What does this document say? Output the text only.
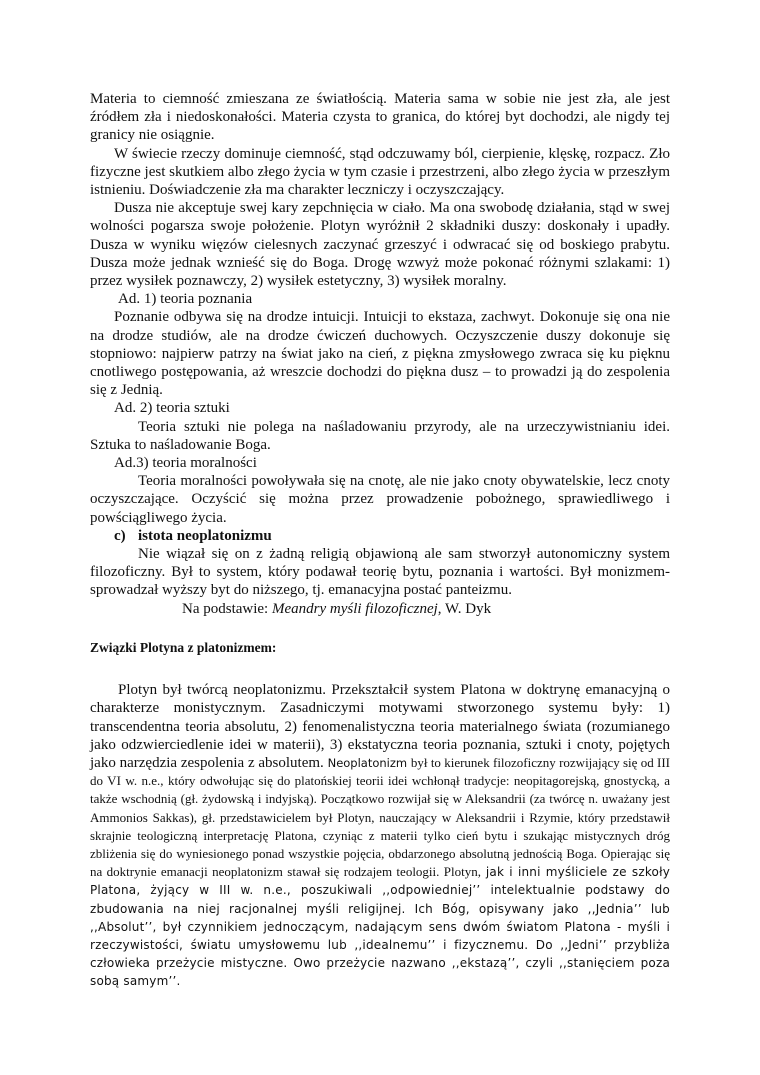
Materia to ciemność zmieszana ze światłością. Materia sama w sobie nie jest zła, ale jest źródłem zła i niedoskonałości. Materia czysta to granica, do której byt dochodzi, ale nigdy tej granicy nie osiągnie.

W świecie rzeczy dominuje ciemność, stąd odczuwamy ból, cierpienie, klęskę, rozpacz. Zło fizyczne jest skutkiem albo złego życia w tym czasie i przestrzeni, albo złego życia w przeszłym istnieniu. Doświadczenie zła ma charakter leczniczy i oczyszczający.

Dusza nie akceptuje swej kary zepchnięcia w ciało. Ma ona swobodę działania, stąd w swej wolności pogarsza swoje położenie. Plotyn wyróżnił 2 składniki duszy: doskonały i upadły. Dusza w wyniku więzów cielesnych zaczynać grzeszyć i odwracać się od boskiego prabytu. Dusza może jednak wznieść się do Boga. Drogę wzwyż może pokonać różnymi szlakami: 1) przez wysiłek poznawczy, 2) wysiłek estetyczny, 3) wysiłek moralny.

Ad. 1) teoria poznania

Poznanie odbywa się na drodze intuicji. Intuicji to ekstaza, zachwyt. Dokonuje się ona nie na drodze studiów, ale na drodze ćwiczeń duchowych. Oczyszczenie duszy dokonuje się stopniowo: najpierw patrzy na świat jako na cień, z piękna zmysłowego zwraca się ku pięknu cnotliwego postępowania, aż wreszcie dochodzi do piękna dusz – to prowadzi ją do zespolenia się z Jednią.

Ad. 2) teoria sztuki

Teoria sztuki nie polega na naśladowaniu przyrody, ale na urzeczywistnianiu idei. Sztuka to naśladowanie Boga.

Ad.3) teoria moralności

Teoria moralności powoływała się na cnotę, ale nie jako cnoty obywatelskie, lecz cnoty oczyszczające. Oczyścić się można przez prowadzenie pobożnego, sprawiedliwego i powściągliwego życia.

c) istota neoplatonizmu

Nie wiązał się on z żadną religią objawioną ale sam stworzył autonomiczny system filozoficzny. Był to system, który podawał teorię bytu, poznania i wartości. Był monizmem- sprowadzał wyższy byt do niższego, tj. emanacyjna postać panteizmu.

Na podstawie: Meandry myśli filozoficznej, W. Dyk

Związki Plotyna z platonizmem:

Plotyn był twórcą neoplatonizmu. Przekształcił system Platona w doktrynę emanacyjną o charakterze monistycznym. Zasadniczymi motywami stworzonego systemu były: 1) transcendentna teoria absolutu, 2) fenomenalistyczna teoria materialnego świata (rozumianego jako odzwierciedlenie idei w materii), 3) ekstatyczna teoria poznania, sztuki i cnoty, pojętych jako narzędzia zespolenia z absolutem. Neoplatonizm był to kierunek filozoficzny rozwijający się od III do VI w. n.e., który odwołując się do platońskiej teorii idei wchłonął tradycje: neopitagorejską, gnostycką, a także wschodnią (gł. żydowską i indyjską). Początkowo rozwijał się w Aleksandrii (za twórcę n. uważany jest Ammonios Sakkas), gł. przedstawicielem był Plotyn, nauczający w Aleksandrii i Rzymie, który przedstawił skrajnie teologiczną interpretację Platona, czyniąc z materii tylko cień bytu i szukając mistycznych dróg zbliżenia się do wyniesionego ponad wszystkie pojęcia, obdarzonego absolutną jednością Boga. Opierając się na doktrynie emanacji neoplatonizm stawał się rodzajem teologii. Plotyn, jak i inni myśliciele ze szkoły Platona, żyjący w III w. n.e., poszukiwali ,,odpowiedniej’’ intelektualnie podstawy do zbudowania na niej racjonalnej myśli religijnej. Ich Bóg, opisywany jako ,,Jednia’’ lub ,,Absolut’’, był czynnikiem jednoczącym, nadającym sens dwóm światom Platona - myśli i rzeczywistości, światu umysłowemu lub ,,idealnemu’’ i fizycznemu. Do ,,Jedni’’ przybliża człowieka przeżycie mistyczne. Owo przeżycie nazwano ,,ekstazą’’, czyli ,,stanięciem poza sobą samym’’.
